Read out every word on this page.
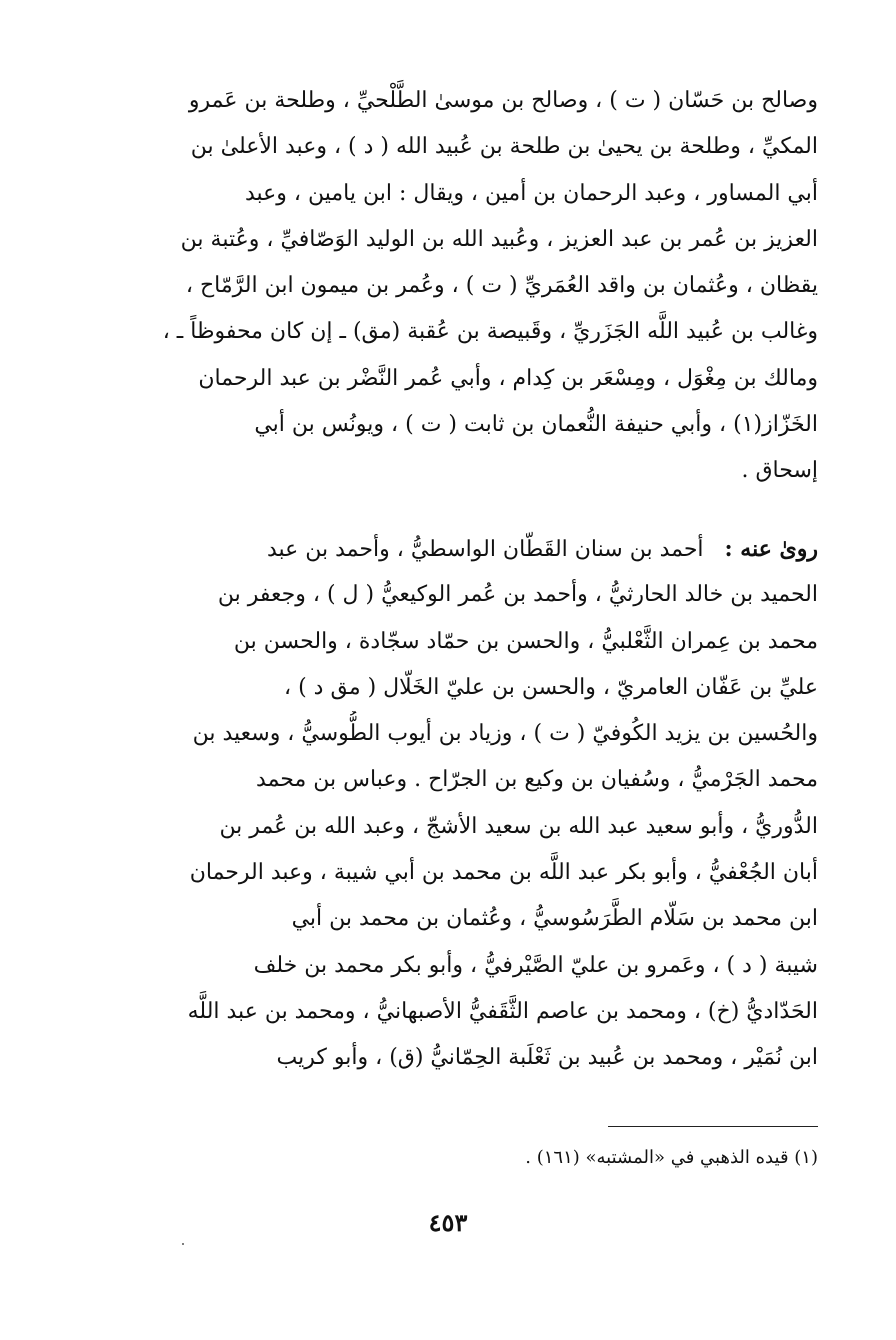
وصالح بن حَسّان ( ت ) ، وصالح بن موسىٰ الطَّلْحيِّ ، وطلحة بن عَمرو
المكيِّ ، وطلحة بن يحيىٰ بن طلحة بن عُبيد الله ( د ) ، وعبد الأعلىٰ بن
أبي المساور ، وعبد الرحمان بن أمين ، ويقال : ابن يامين ، وعبد
العزيز بن عُمر بن عبد العزيز ، وعُبيد الله بن الوليد الوَصّافيِّ ، وعُتبة بن
يقظان ، وعُثمان بن واقد العُمَريِّ ( ت ) ، وعُمر بن ميمون ابن الرَّمّاح ،
وغالب بن عُبيد اللَّه الجَزَريِّ ، وقَبيصة بن عُقبة (مق) ـ إن كان محفوظاً ـ ،
ومالك بن مِغْوَل ، ومِسْعَر بن كِدام ، وأبي عُمر النَّضْر بن عبد الرحمان
الخَزّاز(١) ، وأبي حنيفة النُّعمان بن ثابت ( ت ) ، ويونُس بن أبي
إسحاق .
روىٰ عنه :   أحمد بن سنان القَطّان الواسطيُّ ، وأحمد بن عبد
الحميد بن خالد الحارثيُّ ، وأحمد بن عُمر الوكيعيُّ ( ل ) ، وجعفر بن
محمد بن عِمران الثَّعْلبيُّ ، والحسن بن حمّاد سجّادة ، والحسن بن
عليِّ بن عَفّان العامريّ ، والحسن بن عليّ الخَلّال ( مق د ) ،
والحُسين بن يزيد الكُوفيّ ( ت ) ، وزياد بن أيوب الطُّوسيُّ ، وسعيد بن
محمد الجَرْميُّ ، وسُفيان بن وكيع بن الجرّاح . وعباس بن محمد
الدُّوريُّ ، وأبو سعيد عبد الله بن سعيد الأشجّ ، وعبد الله بن عُمر بن
أبان الجُعْفيُّ ، وأبو بكر عبد اللَّه بن محمد بن أبي شيبة ، وعبد الرحمان
ابن محمد بن سَلّام الطَّرَسُوسيُّ ، وعُثمان بن محمد بن أبي
شيبة ( د ) ، وعَمرو بن عليّ الصَّيْرفيُّ ، وأبو بكر محمد بن خلف
الحَدّاديُّ (خ) ، ومحمد بن عاصم الثَّقَفيُّ الأصبهانيُّ ، ومحمد بن عبد اللَّه
ابن نُمَيْر ، ومحمد بن عُبيد بن ثَعْلَبة الحِمّانيُّ (ق) ، وأبو كريب
(١) قيده الذهبي في «المشتبه» (١٦١) .
٤٥٣
